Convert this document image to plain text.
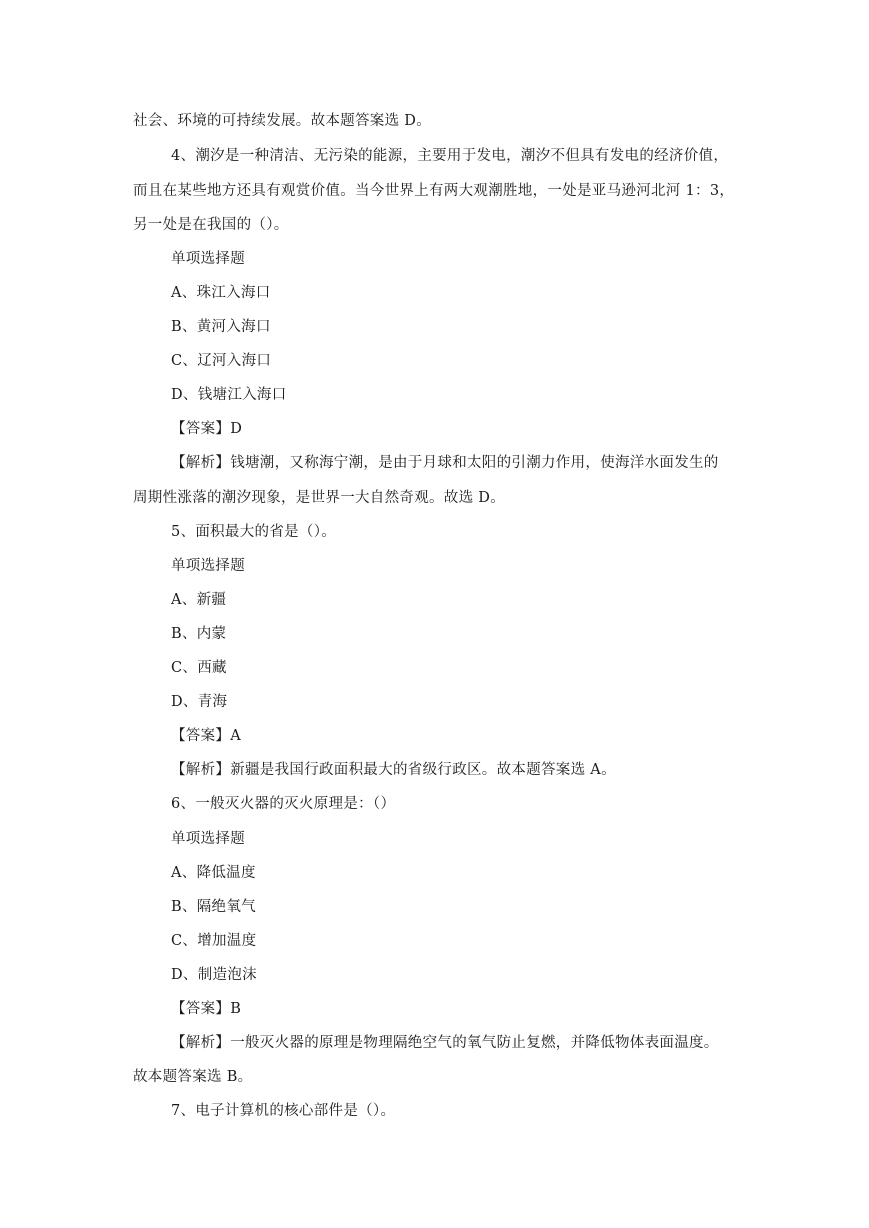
社会、环境的可持续发展。故本题答案选 D。
4、潮汐是一种清洁、无污染的能源，主要用于发电，潮汐不但具有发电的经济价值，
而且在某些地方还具有观赏价值。当今世界上有两大观潮胜地，一处是亚马逊河北河 1：3，
另一处是在我国的（）。
单项选择题
A、珠江入海口
B、黄河入海口
C、辽河入海口
D、钱塘江入海口
【答案】D
【解析】钱塘潮，又称海宁潮，是由于月球和太阳的引潮力作用，使海洋水面发生的
周期性涨落的潮汐现象，是世界一大自然奇观。故选 D。
5、面积最大的省是（）。
单项选择题
A、新疆
B、内蒙
C、西藏
D、青海
【答案】A
【解析】新疆是我国行政面积最大的省级行政区。故本题答案选 A。
6、一般灭火器的灭火原理是：（）
单项选择题
A、降低温度
B、隔绝氧气
C、增加温度
D、制造泡沫
【答案】B
【解析】一般灭火器的原理是物理隔绝空气的氧气防止复燃，并降低物体表面温度。
故本题答案选 B。
7、电子计算机的核心部件是（）。
